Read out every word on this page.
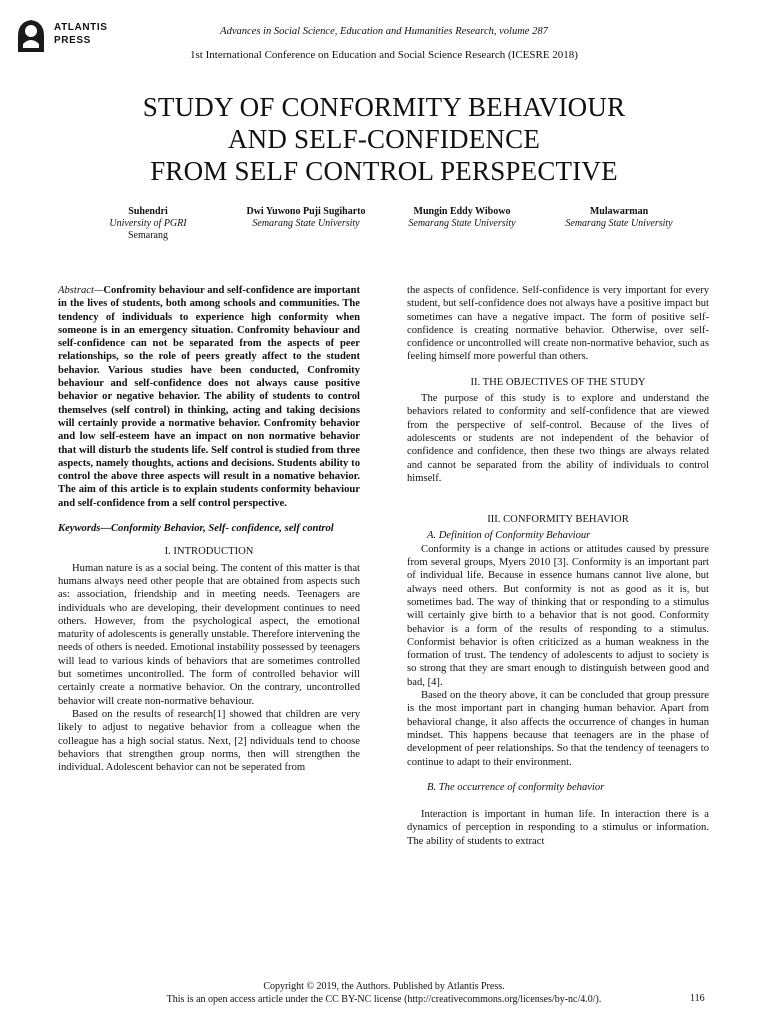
ATLANTIS
PRESS
Advances in Social Science, Education and Humanities Research, volume 287
1st International Conference on Education and Social Science Research (ICESRE 2018)
STUDY OF CONFORMITY BEHAVIOUR
AND SELF-CONFIDENCE
FROM SELF CONTROL PERSPECTIVE
Suhendri
University of PGRI
Semarang
Dwi Yuwono Puji Sugiharto
Semarang State University
Mungin Eddy Wibowo
Semarang State University
Mulawarman
Semarang State University

Abstract—Confromity behaviour and self-confidence are important in the lives of students, both among schools and communities. The tendency of individuals to experience high conformity when someone is in an emergency situation. Confromity behaviour and self-confidence can not be separated from the aspects of peer relationships, so the role of peers greatly affect to the student behavior. Various studies have been conducted, Confromity behaviour and self-confidence does not always cause positive behavior or negative behavior. The ability of students to control themselves (self control) in thinking, acting and taking decisions will certainly provide a normative behavior. Confromity behavior and low self-esteem have an impact on non normative behavior that will disturb the students life. Self control is studied from three aspects, namely thoughts, actions and decisions. Students ability to control the above three aspects will result in a nomative behavior. The aim of this article is to explain students conformity behaviour and self-confidence from a self control perspective.

Keywords—Conformity Behavior, Self- confidence, self control

I. INTRODUCTION

Human nature is as a social being. The content of this matter is that humans always need other people that are obtained from aspects such as: association, friendship and in meeting needs. Teenagers are individuals who are developing, their development continues to need others. However, from the psychological aspect, the emotional maturity of adolescents is generally unstable. Therefore intervening the needs of others is needed. Emotional instability possessed by teenagers will lead to various kinds of behaviors that are sometimes controlled but sometimes uncontrolled. The form of controlled behavior will certainly create a normative behavior. On the contrary, uncontrolled behavior will create non-normative behaviour.

Based on the results of research[1] showed that children are very likely to adjust to negative behavior from a colleague when the colleague has a high social status. Next, [2] ndividuals tend to choose behaviors that strengthen group norms, then will strengthen the individual. Adolescent behavior can not be seperated from

the aspects of confidence. Self-confidence is very important for every student, but self-confidence does not always have a positive impact but sometimes can have a negative impact. The form of positive self-confidence is creating normative behavior. Otherwise, over self-confidence or uncontrolled will create non-normative behavior, such as feeling himself more powerful than others.

II. THE OBJECTIVES OF THE STUDY

The purpose of this study is to explore and understand the behaviors related to conformity and self-confidence that are viewed from the perspective of self-control. Because of the lives of adolescents or students are not independent of the behavior of confidence and confidence, then these two things are always related and cannot be separated from the ability of individuals to control himself.

III. CONFORMITY BEHAVIOR

A. Definition of Conformity Behaviour

Conformity is a change in actions or attitudes caused by pressure from several groups, Myers 2010 [3]. Conformity is an important part of individual life. Because in essence humans cannot live alone, but always need others. But conformity is not as good as it is, but sometimes bad. The way of thinking that or responding to a stimulus will certainly give birth to a behavior that is not good. Conformity behavior is a form of the results of responding to a stimulus. Conformist behavior is often criticized as a human weakness in the formation of trust. The tendency of adolescents to adjust to society is so strong that they are smart enough to distinguish between good and bad, [4].

Based on the theory above, it can be concluded that group pressure is the most important part in changing human behavior. Apart from behavioral change, it also affects the occurrence of changes in human mindset. This happens because that teenagers are in the phase of development of peer relationships. So that the tendency of teenagers to continue to adapt to their environment.

B. The occurrence of conformity behavior

Interaction is important in human life. In interaction there is a dynamics of perception in responding to a stimulus or information. The ability of students to extract

Copyright © 2019, the Authors. Published by Atlantis Press.
This is an open access article under the CC BY-NC license (http://creativecommons.org/licenses/by-nc/4.0/).	116
